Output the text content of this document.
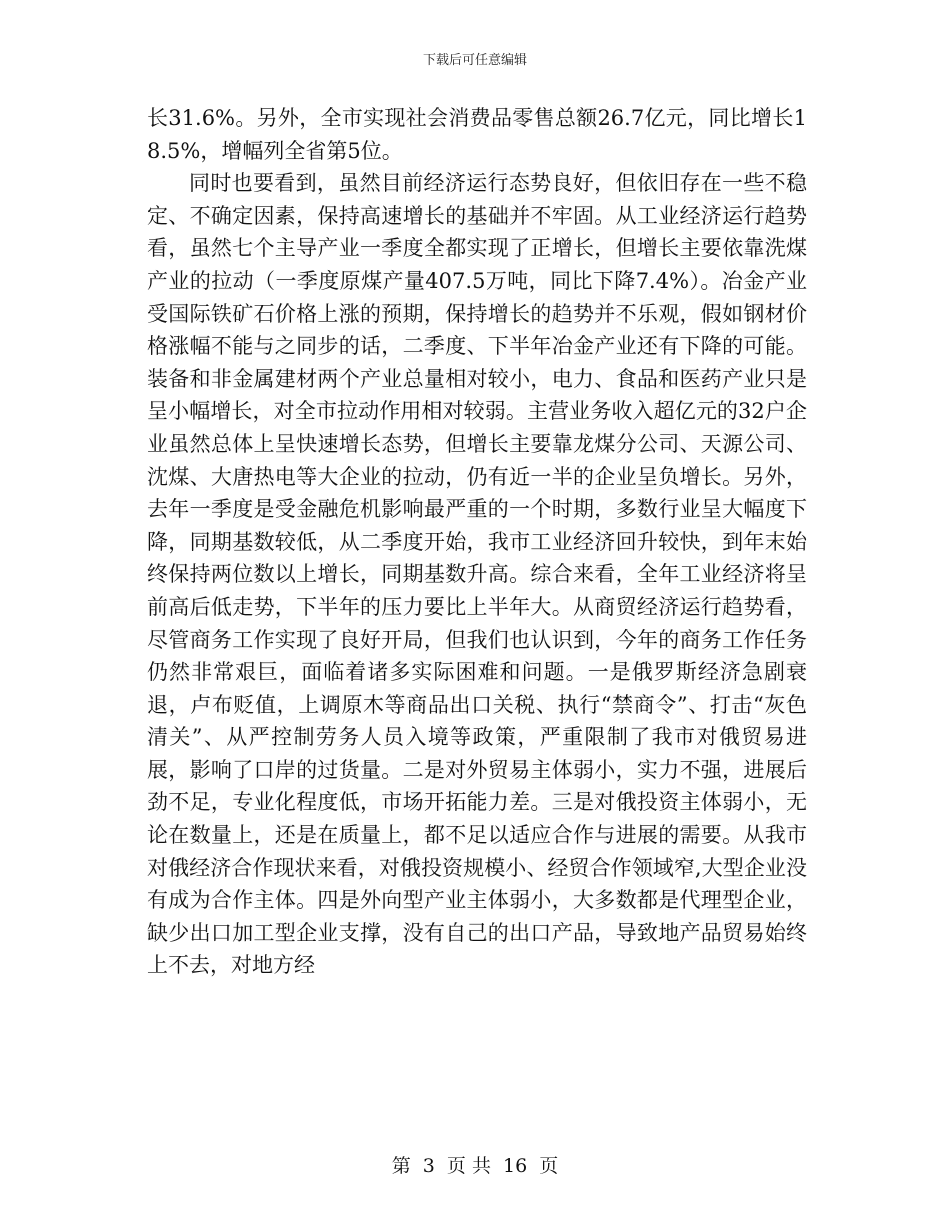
下载后可任意编辑

长31.6%。另外，全市实现社会消费品零售总额26.7亿元，同比增长18.5%，增幅列全省第5位。

同时也要看到，虽然目前经济运行态势良好，但依旧存在一些不稳定、不确定因素，保持高速增长的基础并不牢固。从工业经济运行趋势看，虽然七个主导产业一季度全都实现了正增长，但增长主要依靠洗煤产业的拉动（一季度原煤产量407.5万吨，同比下降7.4%）。冶金产业受国际铁矿石价格上涨的预期，保持增长的趋势并不乐观，假如钢材价格涨幅不能与之同步的话，二季度、下半年冶金产业还有下降的可能。装备和非金属建材两个产业总量相对较小，电力、食品和医药产业只是呈小幅增长，对全市拉动作用相对较弱。主营业务收入超亿元的32户企业虽然总体上呈快速增长态势，但增长主要靠龙煤分公司、天源公司、沈煤、大唐热电等大企业的拉动，仍有近一半的企业呈负增长。另外，去年一季度是受金融危机影响最严重的一个时期，多数行业呈大幅度下降，同期基数较低，从二季度开始，我市工业经济回升较快，到年末始终保持两位数以上增长，同期基数升高。综合来看，全年工业经济将呈前高后低走势，下半年的压力要比上半年大。从商贸经济运行趋势看，尽管商务工作实现了良好开局，但我们也认识到，今年的商务工作任务仍然非常艰巨，面临着诸多实际困难和问题。一是俄罗斯经济急剧衰退，卢布贬值，上调原木等商品出口关税、执行“禁商令”、打击“灰色清关”、从严控制劳务人员入境等政策，严重限制了我市对俄贸易进展，影响了口岸的过货量。二是对外贸易主体弱小，实力不强，进展后劲不足，专业化程度低，市场开拓能力差。三是对俄投资主体弱小，无论在数量上，还是在质量上，都不足以适应合作与进展的需要。从我市对俄经济合作现状来看，对俄投资规模小、经贸合作领域窄,大型企业没有成为合作主体。四是外向型产业主体弱小，大多数都是代理型企业，缺少出口加工型企业支撑，没有自己的出口产品，导致地产品贸易始终上不去，对地方经

第 3 页 共 16 页
